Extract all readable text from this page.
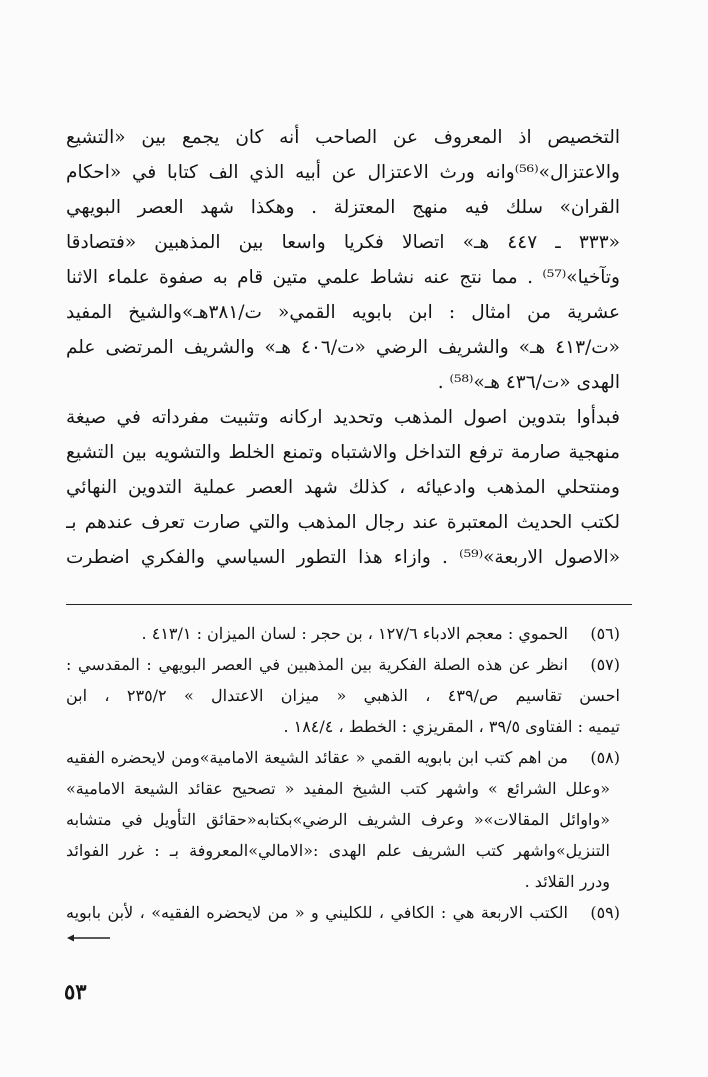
التخصيص اذ المعروف عن الصاحب أنه كان يجمع بين «التشيع
والاعتزال»⁽⁵⁶⁾وانه ورث الاعتزال عن أبيه الذي الف كتابا في «احكام
القران» سلك فيه منهج المعتزلة . وهكذا شهد العصر البويهي
«٣٣٣ ـ ٤٤٧ هـ» اتصالا فكريا واسعا بين المذهبين «فتصادقا
وتآخيا»⁽⁵⁷⁾ . مما نتج عنه نشاط علمي متين قام به صفوة علماء الاثنا
عشرية من امثال : ابن بابويه القمي« ت/٣٨١هـ»والشيخ المفيد
«ت/٤١٣ هـ» والشريف الرضي «ت/٤٠٦ هـ» والشريف المرتضى علم
الهدى «ت/٤٣٦ هـ»⁽⁵⁸⁾ .
فبدأوا بتدوين اصول المذهب وتحديد اركانه وتثبيت مفرداته في صيغة
منهجية صارمة ترفع التداخل والاشتباه وتمنع الخلط والتشويه بين التشيع
ومنتحلي المذهب وادعيائه ، كذلك شهد العصر عملية التدوين النهائي
لكتب الحديث المعتبرة عند رجال المذهب والتي صارت تعرف عندهم بـ
«الاصول الاربعة»⁽⁵⁹⁾ . وازاء هذا التطور السياسي والفكري اضطرت
(٥٦)
الحموي : معجم الادباء ١٢٧/٦ ، بن حجر : لسان الميزان : ٤١٣/١ .
(٥٧)
انظر عن هذه الصلة الفكرية بين المذهبين في العصر البويهي : المقدسي :
احسن تقاسيم ص/٤٣٩ ، الذهبي « ميزان الاعتدال » ٢٣٥/٢ ، ابن
تيميه : الفتاوى ٣٩/٥ ، المقريزي : الخطط ، ١٨٤/٤ .
(٥٨)
من اهم كتب ابن بابويه القمي « عقائد الشيعة الامامية»ومن لايحضره الفقيه
«وعلل الشرائع » واشهر كتب الشيخ المفيد « تصحيح عقائد الشيعة الامامية»
«واوائل المقالات»« وعرف الشريف الرضي»بكتابه«حقائق التأويل في متشابه
التنزيل»واشهر كتب الشريف علم الهدى :«الامالي»المعروفة بـ : غرر الفوائد
ودرر القلائد .
(٥٩)
الكتب الاربعة هي : الكافي ، للكليني و « من لايحضره الفقيه» ، لأبن بابويه
٥٣
